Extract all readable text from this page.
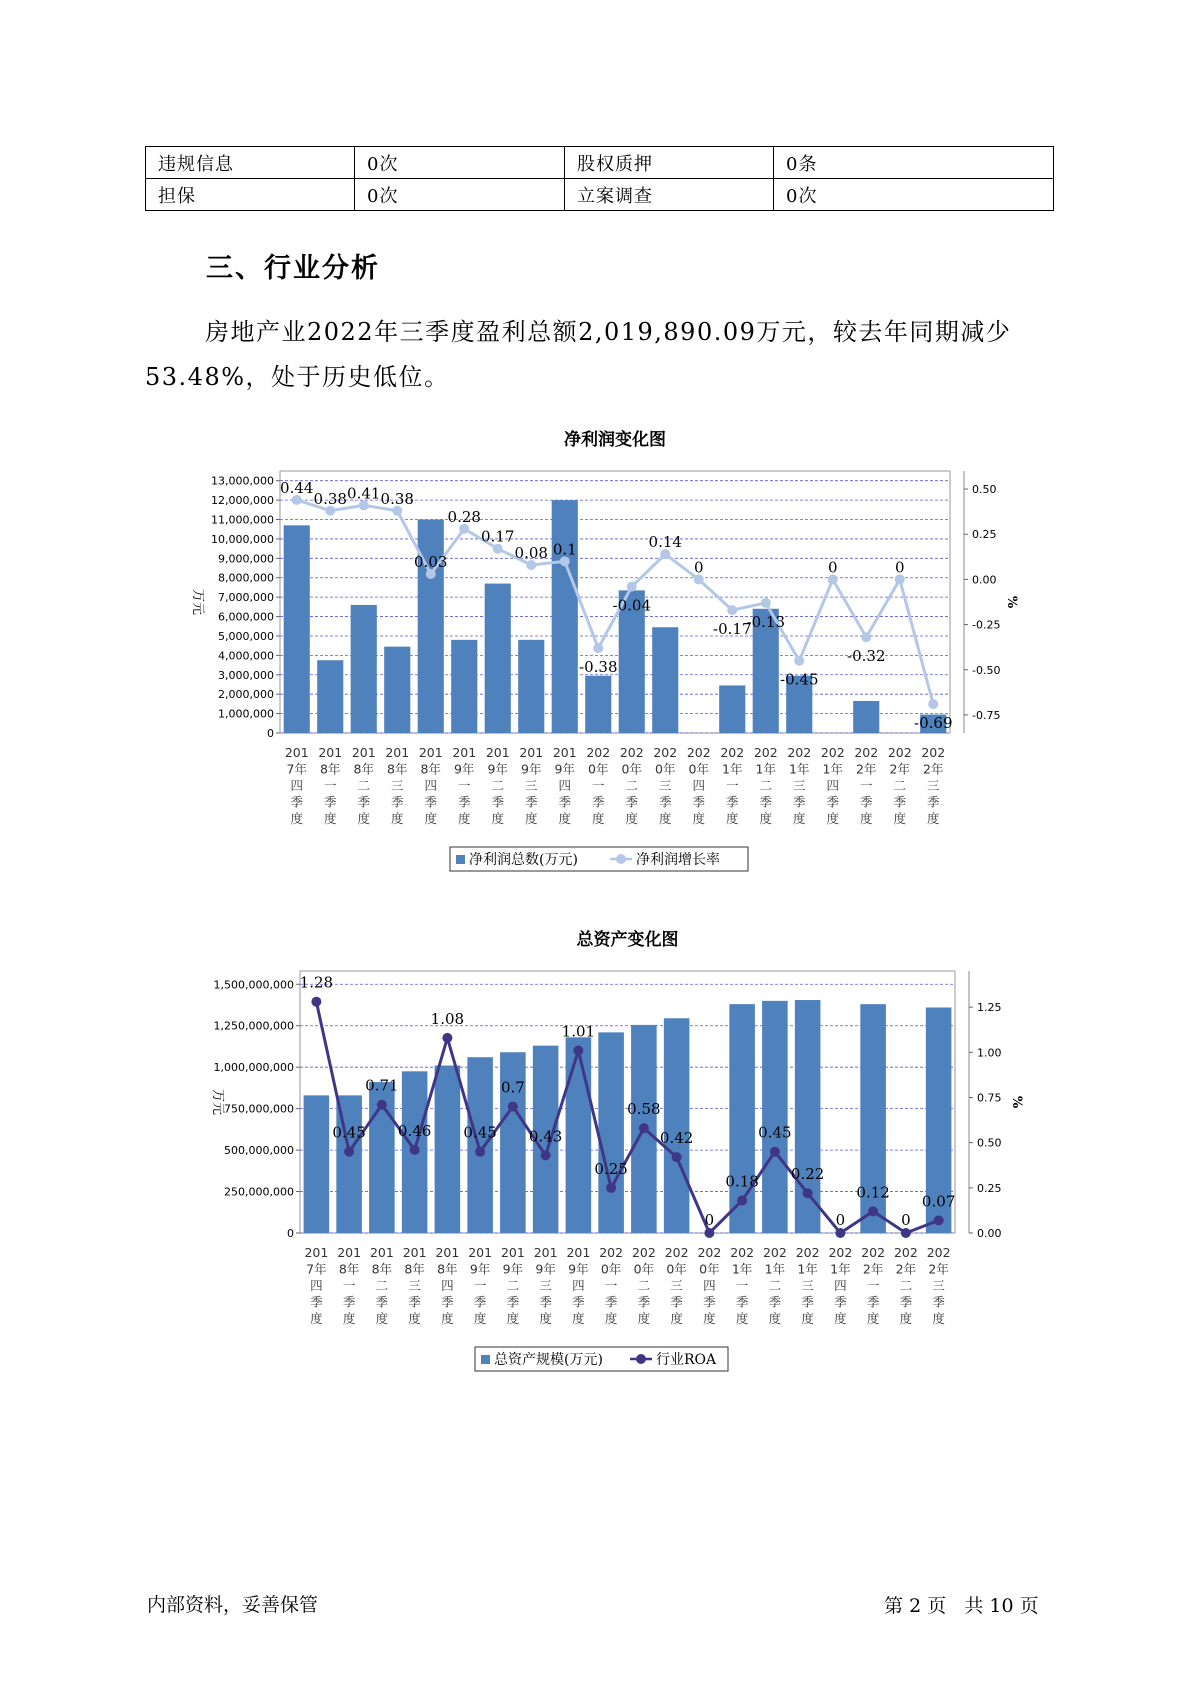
违规信息	0次	股权质押	0条
担保	0次	立案调查	0次
三、行业分析
房地产业2022年三季度盈利总额2,019,890.09万元，较去年同期减少53.48%，处于历史低位。
净利润变化图
0
1,000,000
2,000,000
3,000,000
4,000,000
5,000,000
6,000,000
7,000,000
8,000,000
9,000,000
10,000,000
11,000,000
12,000,000
13,000,000
-0.75
-0.50
-0.25
0.00
0.25
0.50
万元	%
0.44
0.38 0.41 0.38
0.03
0.28
0.17
0.08 0.1
-0.38
-0.04
0.14
0
-0.17
-0.13
-0.45
0
-0.32
0
-0.69
201 7年四季度
201 8年一季度
201 8年二季度
201 8年三季度
201 8年四季度
201 9年一季度
201 9年二季度
201 9年三季度
201 9年四季度
202 0年一季度
202 0年二季度
202 0年三季度
202 0年四季度
202 1年一季度
202 1年二季度
202 1年三季度
202 1年四季度
202 2年一季度
202 2年二季度
202 2年三季度
净利润总数(万元)	净利润增长率
总资产变化图
0
250,000,000
500,000,000
750,000,000
1,000,000,000
1,250,000,000
1,500,000,000
0.00
0.25
0.50
0.75
1.00
1.25
万元	%
1.28
0.45
0.71
0.46
1.08
0.45
0.7
0.43
1.01
0.25
0.58
0.42
0
0.18
0.45
0.22
0
0.12
0
0.07
201 7年四季度
201 8年一季度
201 8年二季度
201 8年三季度
201 8年四季度
201 9年一季度
201 9年二季度
201 9年三季度
201 9年四季度
202 0年一季度
202 0年二季度
202 0年三季度
202 0年四季度
202 1年一季度
202 1年二季度
202 1年三季度
202 1年四季度
202 2年一季度
202 2年二季度
202 2年三季度
总资产规模(万元)	行业ROA
内部资料，妥善保管	第 2 页 共 10 页
